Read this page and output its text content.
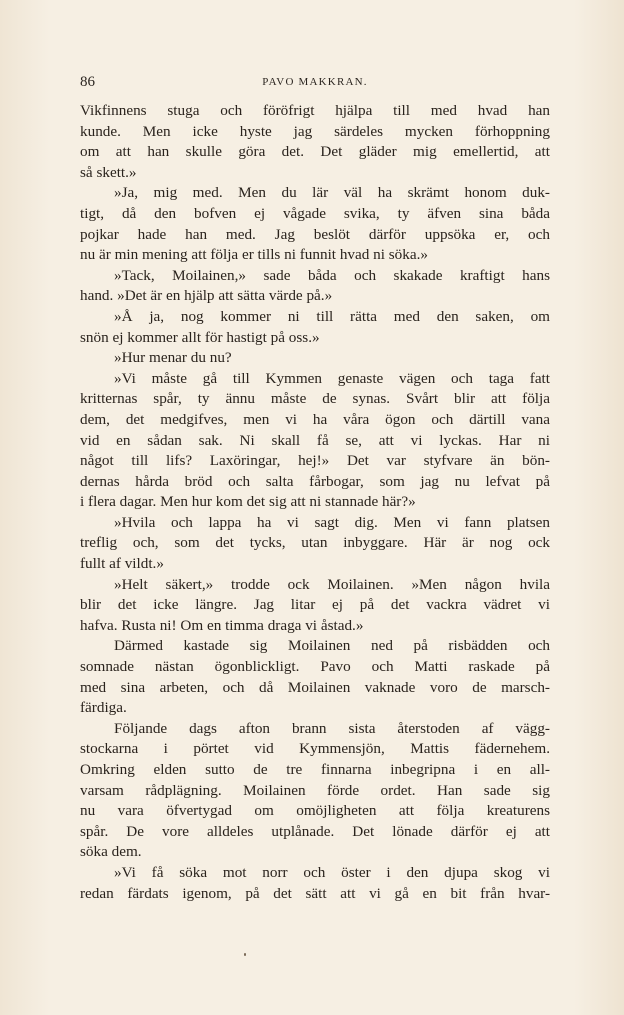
86	PAVO MAKKRAN.

Vikfinnens stuga och föröfrigt hjälpa till med hvad han
kunde. Men icke hyste jag särdeles mycken förhoppning
om att han skulle göra det. Det gläder mig emellertid, att
så skett.»

»Ja, mig med. Men du lär väl ha skrämt honom duk-
tigt, då den bofven ej vågade svika, ty äfven sina båda
pojkar hade han med. Jag beslöt därför uppsöka er, och
nu är min mening att följa er tills ni funnit hvad ni söka.»

»Tack, Moilainen,» sade båda och skakade kraftigt hans
hand. »Det är en hjälp att sätta värde på.»

»Å ja, nog kommer ni till rätta med den saken, om
snön ej kommer allt för hastigt på oss.»

»Hur menar du nu?

»Vi måste gå till Kymmen genaste vägen och taga fatt
kritternas spår, ty ännu måste de synas. Svårt blir att följa
dem, det medgifves, men vi ha våra ögon och därtill vana
vid en sådan sak. Ni skall få se, att vi lyckas. Har ni
något till lifs? Laxöringar, hej!» Det var styfvare än bön-
dernas hårda bröd och salta fårbogar, som jag nu lefvat på
i flera dagar. Men hur kom det sig att ni stannade här?»

»Hvila och lappa ha vi sagt dig. Men vi fann platsen
treflig och, som det tycks, utan inbyggare. Här är nog ock
fullt af vildt.»

»Helt säkert,» trodde ock Moilainen. »Men någon hvila
blir det icke längre. Jag litar ej på det vackra vädret vi
hafva. Rusta ni! Om en timma draga vi åstad.»

Därmed kastade sig Moilainen ned på risbädden och
somnade nästan ögonblickligt. Pavo och Matti raskade på
med sina arbeten, och då Moilainen vaknade voro de marsch-
färdiga.

Följande dags afton brann sista återstoden af vägg-
stockarna i pörtet vid Kymmensjön, Mattis fädernehem.
Omkring elden sutto de tre finnarna inbegripna i en all-
varsam rådplägning. Moilainen förde ordet. Han sade sig
nu vara öfvertygad om omöjligheten att följa kreaturens
spår. De vore alldeles utplånade. Det lönade därför ej att
söka dem.

»Vi få söka mot norr och öster i den djupa skog vi
redan färdats igenom, på det sätt att vi gå en bit från hvar-
